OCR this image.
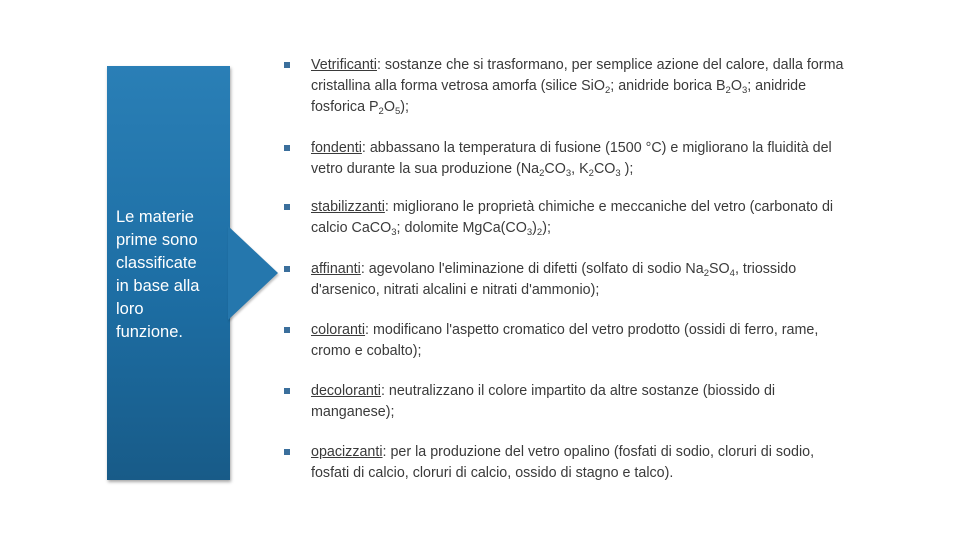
Le materie
prime sono
classificate
in base alla
loro
funzione.
Vetrificanti: sostanze che si trasformano, per semplice azione del calore, dalla forma cristallina alla forma vetrosa amorfa (silice SiO$_2$; anidride borica $B_2O_3$; anidride fosforica $P_2O_5$);
fondenti: abbassano la temperatura di fusione (1500 °C) e migliorano la fluidità del vetro durante la sua produzione ($Na_2CO_3$, $K_2CO_3$ );
stabilizzanti: migliorano le proprietà chimiche e meccaniche del vetro (carbonato di calcio CaCO$_3$; dolomite $MgCa(CO_3)_2$);
affinanti: agevolano l'eliminazione di difetti (solfato di sodio $Na_2SO_4$, triossido d'arsenico, nitrati alcalini e nitrati d'ammonio);
coloranti: modificano l'aspetto cromatico del vetro prodotto (ossidi di ferro, rame, cromo e cobalto);
decoloranti: neutralizzano il colore impartito da altre sostanze (biossido di manganese);
opacizzanti: per la produzione del vetro opalino (fosfati di sodio, cloruri di sodio, fosfati di calcio, cloruri di calcio, ossido di stagno e talco).
